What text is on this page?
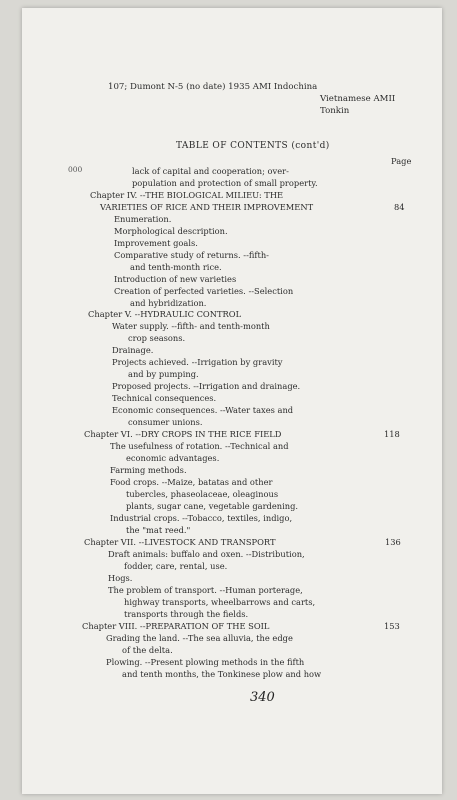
107; Dumont N-5 (no date) 1935 AMI Indochina
Vietnamese AMII
Tonkin
TABLE OF CONTENTS (cont'd)
Page
000	lack of capital and cooperation; over-
population and protection of small property.
Chapter IV. --THE BIOLOGICAL MILIEU: THE
VARIETIES OF RICE AND THEIR IMPROVEMENT	84
Enumeration.
Morphological description.
Improvement goals.
Comparative study of returns. --fifth-
and tenth-month rice.
Introduction of new varieties
Creation of perfected varieties. --Selection
and hybridization.
Chapter V. --HYDRAULIC CONTROL
Water supply. --fifth- and tenth-month
crop seasons.
Drainage.
Projects achieved. --Irrigation by gravity
and by pumping.
Proposed projects. --Irrigation and drainage.
Technical consequences.
Economic consequences. --Water taxes and
consumer unions.
Chapter VI. --DRY CROPS IN THE RICE FIELD	118
The usefulness of rotation. --Technical and
economic advantages.
Farming methods.
Food crops. --Maize, batatas and other
tubercles, phaseolaceae, oleaginous
plants, sugar cane, vegetable gardening.
Industrial crops. --Tobacco, textiles, indigo,
the "mat reed."
Chapter VII. --LIVESTOCK AND TRANSPORT	136
Draft animals: buffalo and oxen. --Distribution,
fodder, care, rental, use.
Hogs.
The problem of transport. --Human porterage,
highway transports, wheelbarrows and carts,
transports through the fields.
Chapter VIII. --PREPARATION OF THE SOIL	153
Grading the land. --The sea alluvia, the edge
of the delta.
Plowing. --Present plowing methods in the fifth
and tenth months, the Tonkinese plow and how
340
